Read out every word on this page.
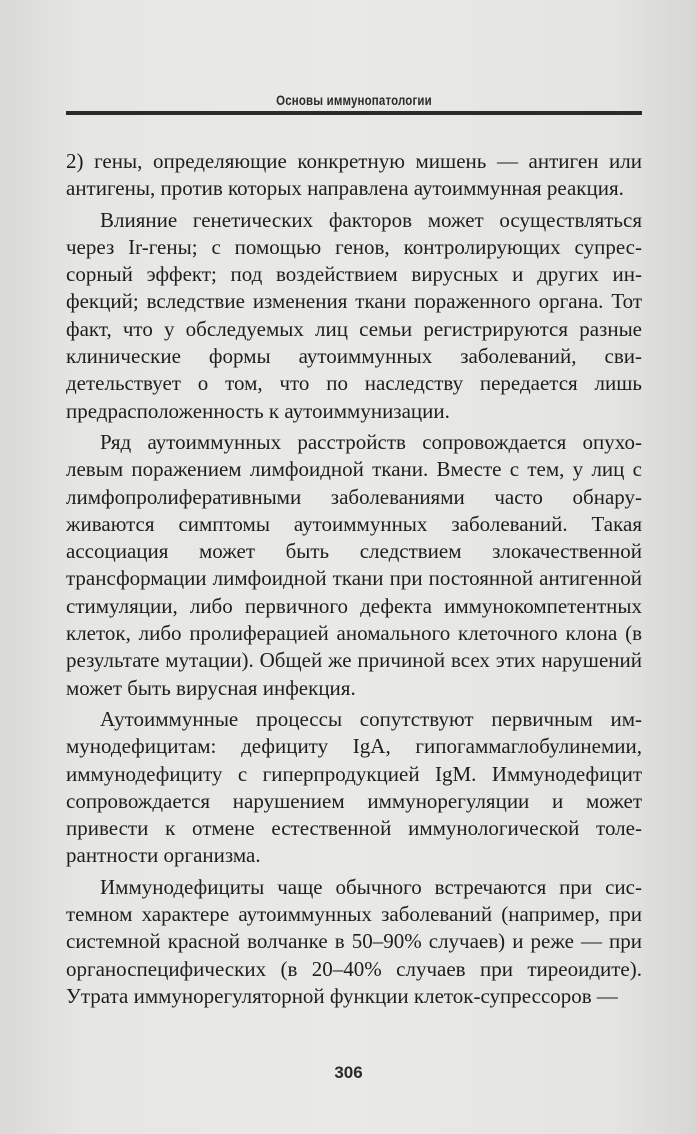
Основы иммунопатологии

2) гены, определяющие конкретную мишень — антиген или антигены, против которых направлена аутоиммунная реакция.

Влияние генетических факторов может осуществляться через Ir-гены; с помощью генов, контролирующих супрессорный эффект; под воздействием вирусных и других инфекций; вследствие изменения ткани пораженного органа. Тот факт, что у обследуемых лиц семьи регистрируются разные клинические формы аутоиммунных заболеваний, свидетельствует о том, что по наследству передается лишь предрасположенность к аутоиммунизации.

Ряд аутоиммунных расстройств сопровождается опухолевым поражением лимфоидной ткани. Вместе с тем, у лиц с лимфопролиферативными заболеваниями часто обнаруживаются симптомы аутоиммунных заболеваний. Такая ассоциация может быть следствием злокачественной трансформации лимфоидной ткани при постоянной антигенной стимуляции, либо первичного дефекта иммунокомпетентных клеток, либо пролиферацией аномального клеточного клона (в результате мутации). Общей же причиной всех этих нарушений может быть вирусная инфекция.

Аутоиммунные процессы сопутствуют первичным иммунодефицитам: дефициту IgA, гипогаммаглобулинемии, иммунодефициту с гиперпродукцией IgM. Иммунодефицит сопровождается нарушением иммунорегуляции и может привести к отмене естественной иммунологической толерантности организма.

Иммунодефициты чаще обычного встречаются при системном характере аутоиммунных заболеваний (например, при системной красной волчанке в 50–90% случаев) и реже — при органоспецифических (в 20–40% случаев при тиреоидите). Утрата иммунорегуляторной функции клеток-супрессоров —

306
